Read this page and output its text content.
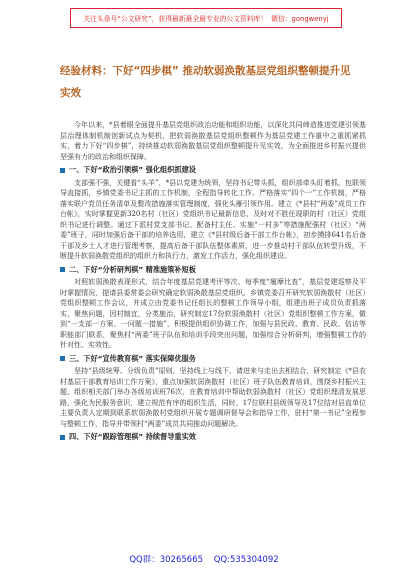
关注头条号“公文研究”，获得最新最全最专业的公文资料库！ 微信：gongwenyj
经验材料：下好“四步棋” 推动软弱涣散基层党组织整顿提升见实效

今年以来，*县着眼全面提升基层党组织政治功能和组织功能，以深化共同缔造推进党建引领基层治理体制机制创新试点为契机，把软弱涣散基层党组织整顿作为基层党建工作重中之重抓紧抓实，着力下好“四步棋”，持续推动软弱涣散基层党组织整顿提升见实效，为全面推进乡村振兴提供坚强有力的政治和组织保障。

一、下好“政治引领棋” 强化组织抓建设

支部强不强，关键看“头羊”，*县以党建为统领，坚持书记带头抓，组织部牵头盯着抓，包联领导直接抓，乡镇党委书记主抓的工作机制，全程指导转化工作。严格落实“四个一”工作机制，严格落实联户党员任务清单及整改措施落实管理制度，强化头雁引领作用。建立《*县村“两委”成员工作台帐》，实时掌握更新320名村（社区）党组织书记最新信息，及时对不胜任现职的村（社区）党组织书记进行调整。通过下派村党支部书记、配备村主任、实施“一村多”等措施配强村（社区）“两委”班子，同时加强后备干部的培养选用，建立《*县村级后备干部工作台帐》，初步摸排641名后备干部及乡土人才进行管理考察，提高后备干部队伍整体素质，进一步推动村干部队伍转型升级，不断提升软弱涣散党组织的组织力和执行力，激发工作活力，强化组织建设。

二、下好“分析研判棋” 精准施策补短板

对照软弱涣散表现形式，结合年度基层党建考评等次、每季度“履摩比查”，基层党建巡察及平时掌握情况，提请县委常委会研究确定软弱涣散基层党组织。乡镇党委召开研究软弱涣散村（社区）党组织整顿工作会议，并成立由党委书记任组长的整顿工作领导小组，组建由班子成员负责抓落实，聚焦问题，因村制宜，分类施治，研究制定17份软弱涣散村（社区）党组织整顿工作方案，做到“一支部一方案、一问题一措施”，积极提供组织协调工作，加强与县民政、教育、民政、信访等职能部门联系，聚焦村“两委”班子队伍和培训手段突出问题，加强综合分析研判，增强整顿工作的针对性、实效性。

三、下好“宣传教育棋” 落实保障优服务

坚持“县级统筹、分级负责”原则，坚持线上与线下、请进来与走出去相结合，研究制定《*县农村基层干部教育培训工作方案》，重点加强软弱涣散村（社区）班子队伍教育培训，围绕乡村振兴主题，组织相关部门举办各级培训班76次，在教育培训中帮助软弱涣散村（社区）党组织理清发展思路，强化为民服务意识，建立规范有序的组织生活，同时，17位联村县级领导及17位结对县直单位主要负责人定期到联系软弱涣散村党组织开展专题调研督导会和指导工作，驻村“第一书记”全程参与整顿工作，指导并带领村“两委”成员共同推动问题解决。

四、下好“跟踪管理棋” 持续督导重实效
QQ群：30265665 QQ:535304092
